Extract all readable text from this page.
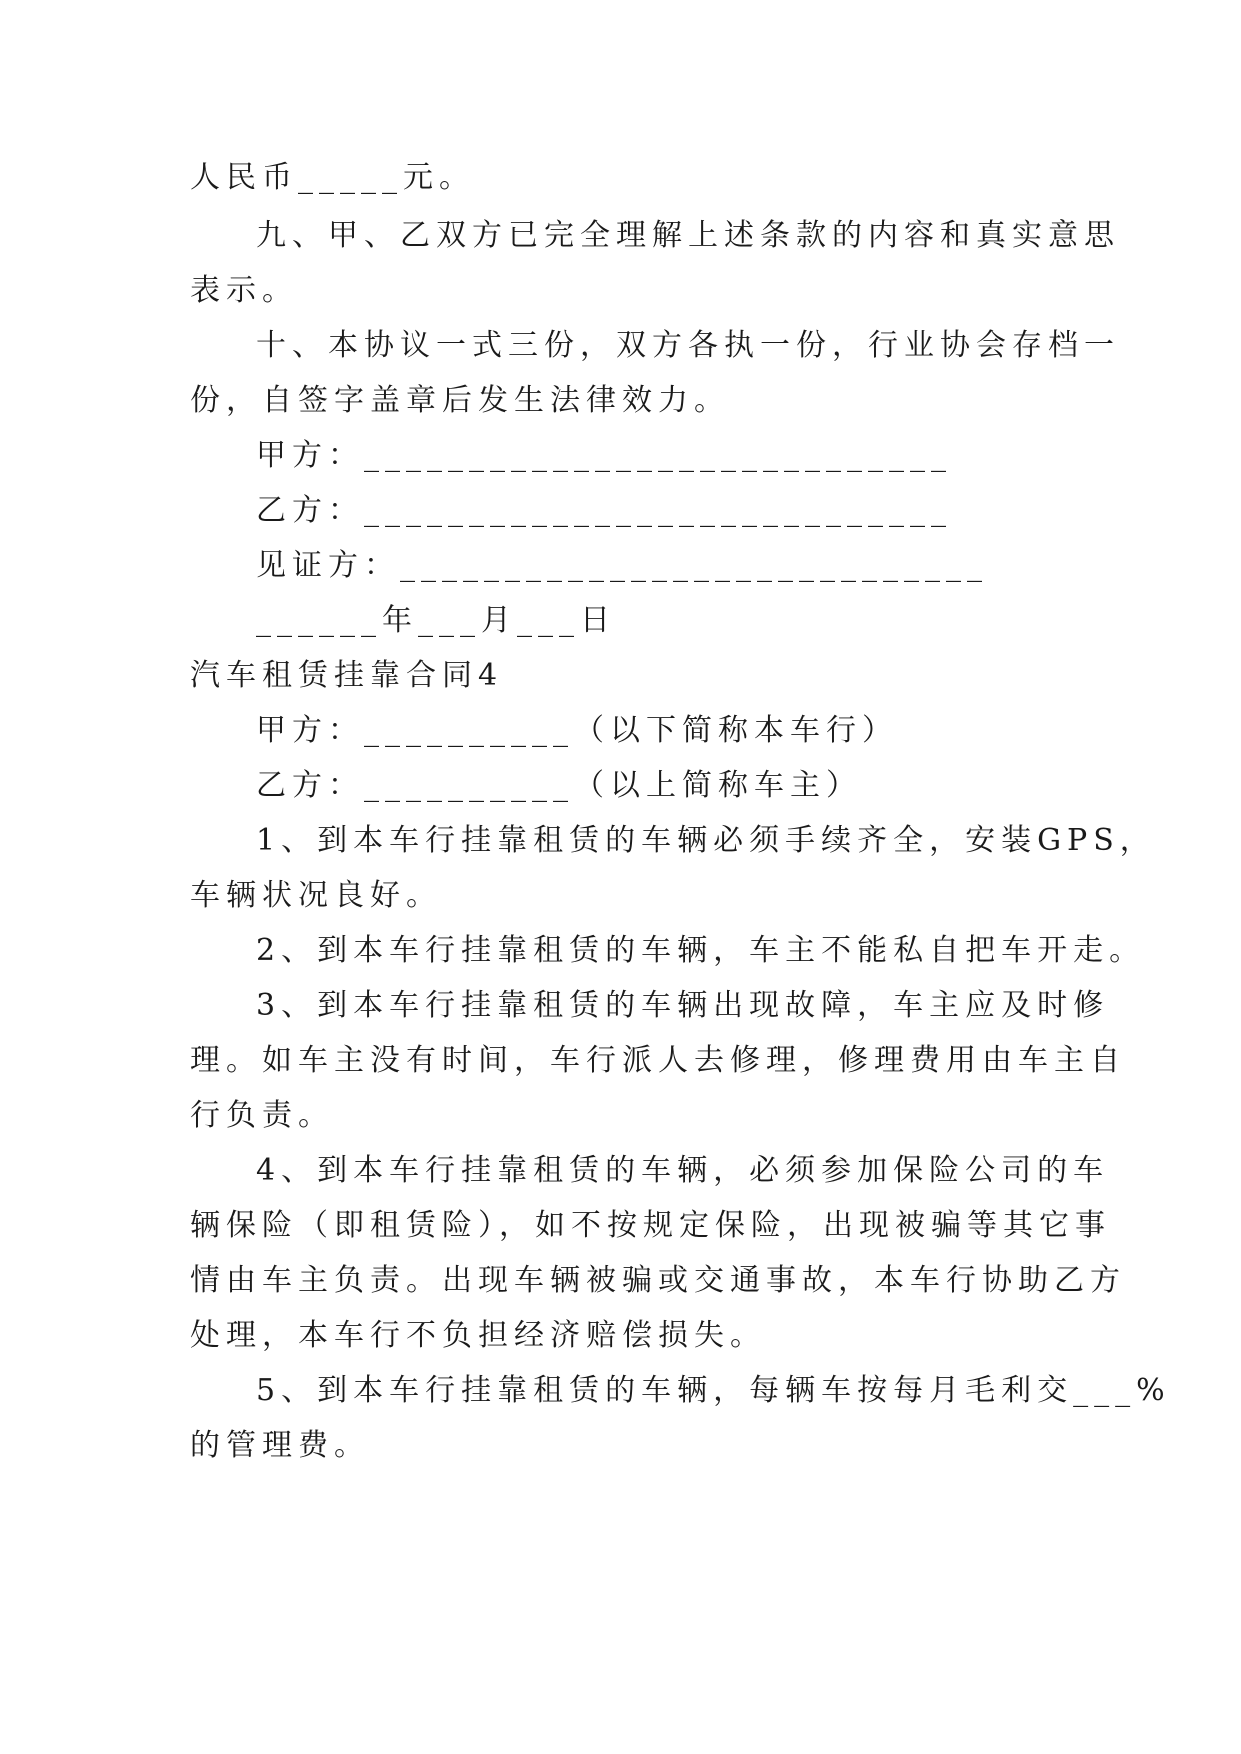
人民币_____元。
九、甲、乙双方已完全理解上述条款的内容和真实意思
表示。
十、本协议一式三份，双方各执一份，行业协会存档一
份，自签字盖章后发生法律效力。
甲方：____________________________
乙方：____________________________
见证方：____________________________
______年___月___日
汽车租赁挂靠合同4
甲方：__________（以下简称本车行）
乙方：__________（以上简称车主）
1、到本车行挂靠租赁的车辆必须手续齐全，安装GPS，
车辆状况良好。
2、到本车行挂靠租赁的车辆，车主不能私自把车开走。
3、到本车行挂靠租赁的车辆出现故障，车主应及时修
理。如车主没有时间，车行派人去修理，修理费用由车主自
行负责。
4、到本车行挂靠租赁的车辆，必须参加保险公司的车
辆保险（即租赁险），如不按规定保险，出现被骗等其它事
情由车主负责。出现车辆被骗或交通事故，本车行协助乙方
处理，本车行不负担经济赔偿损失。
5、到本车行挂靠租赁的车辆，每辆车按每月毛利交___%
的管理费。
